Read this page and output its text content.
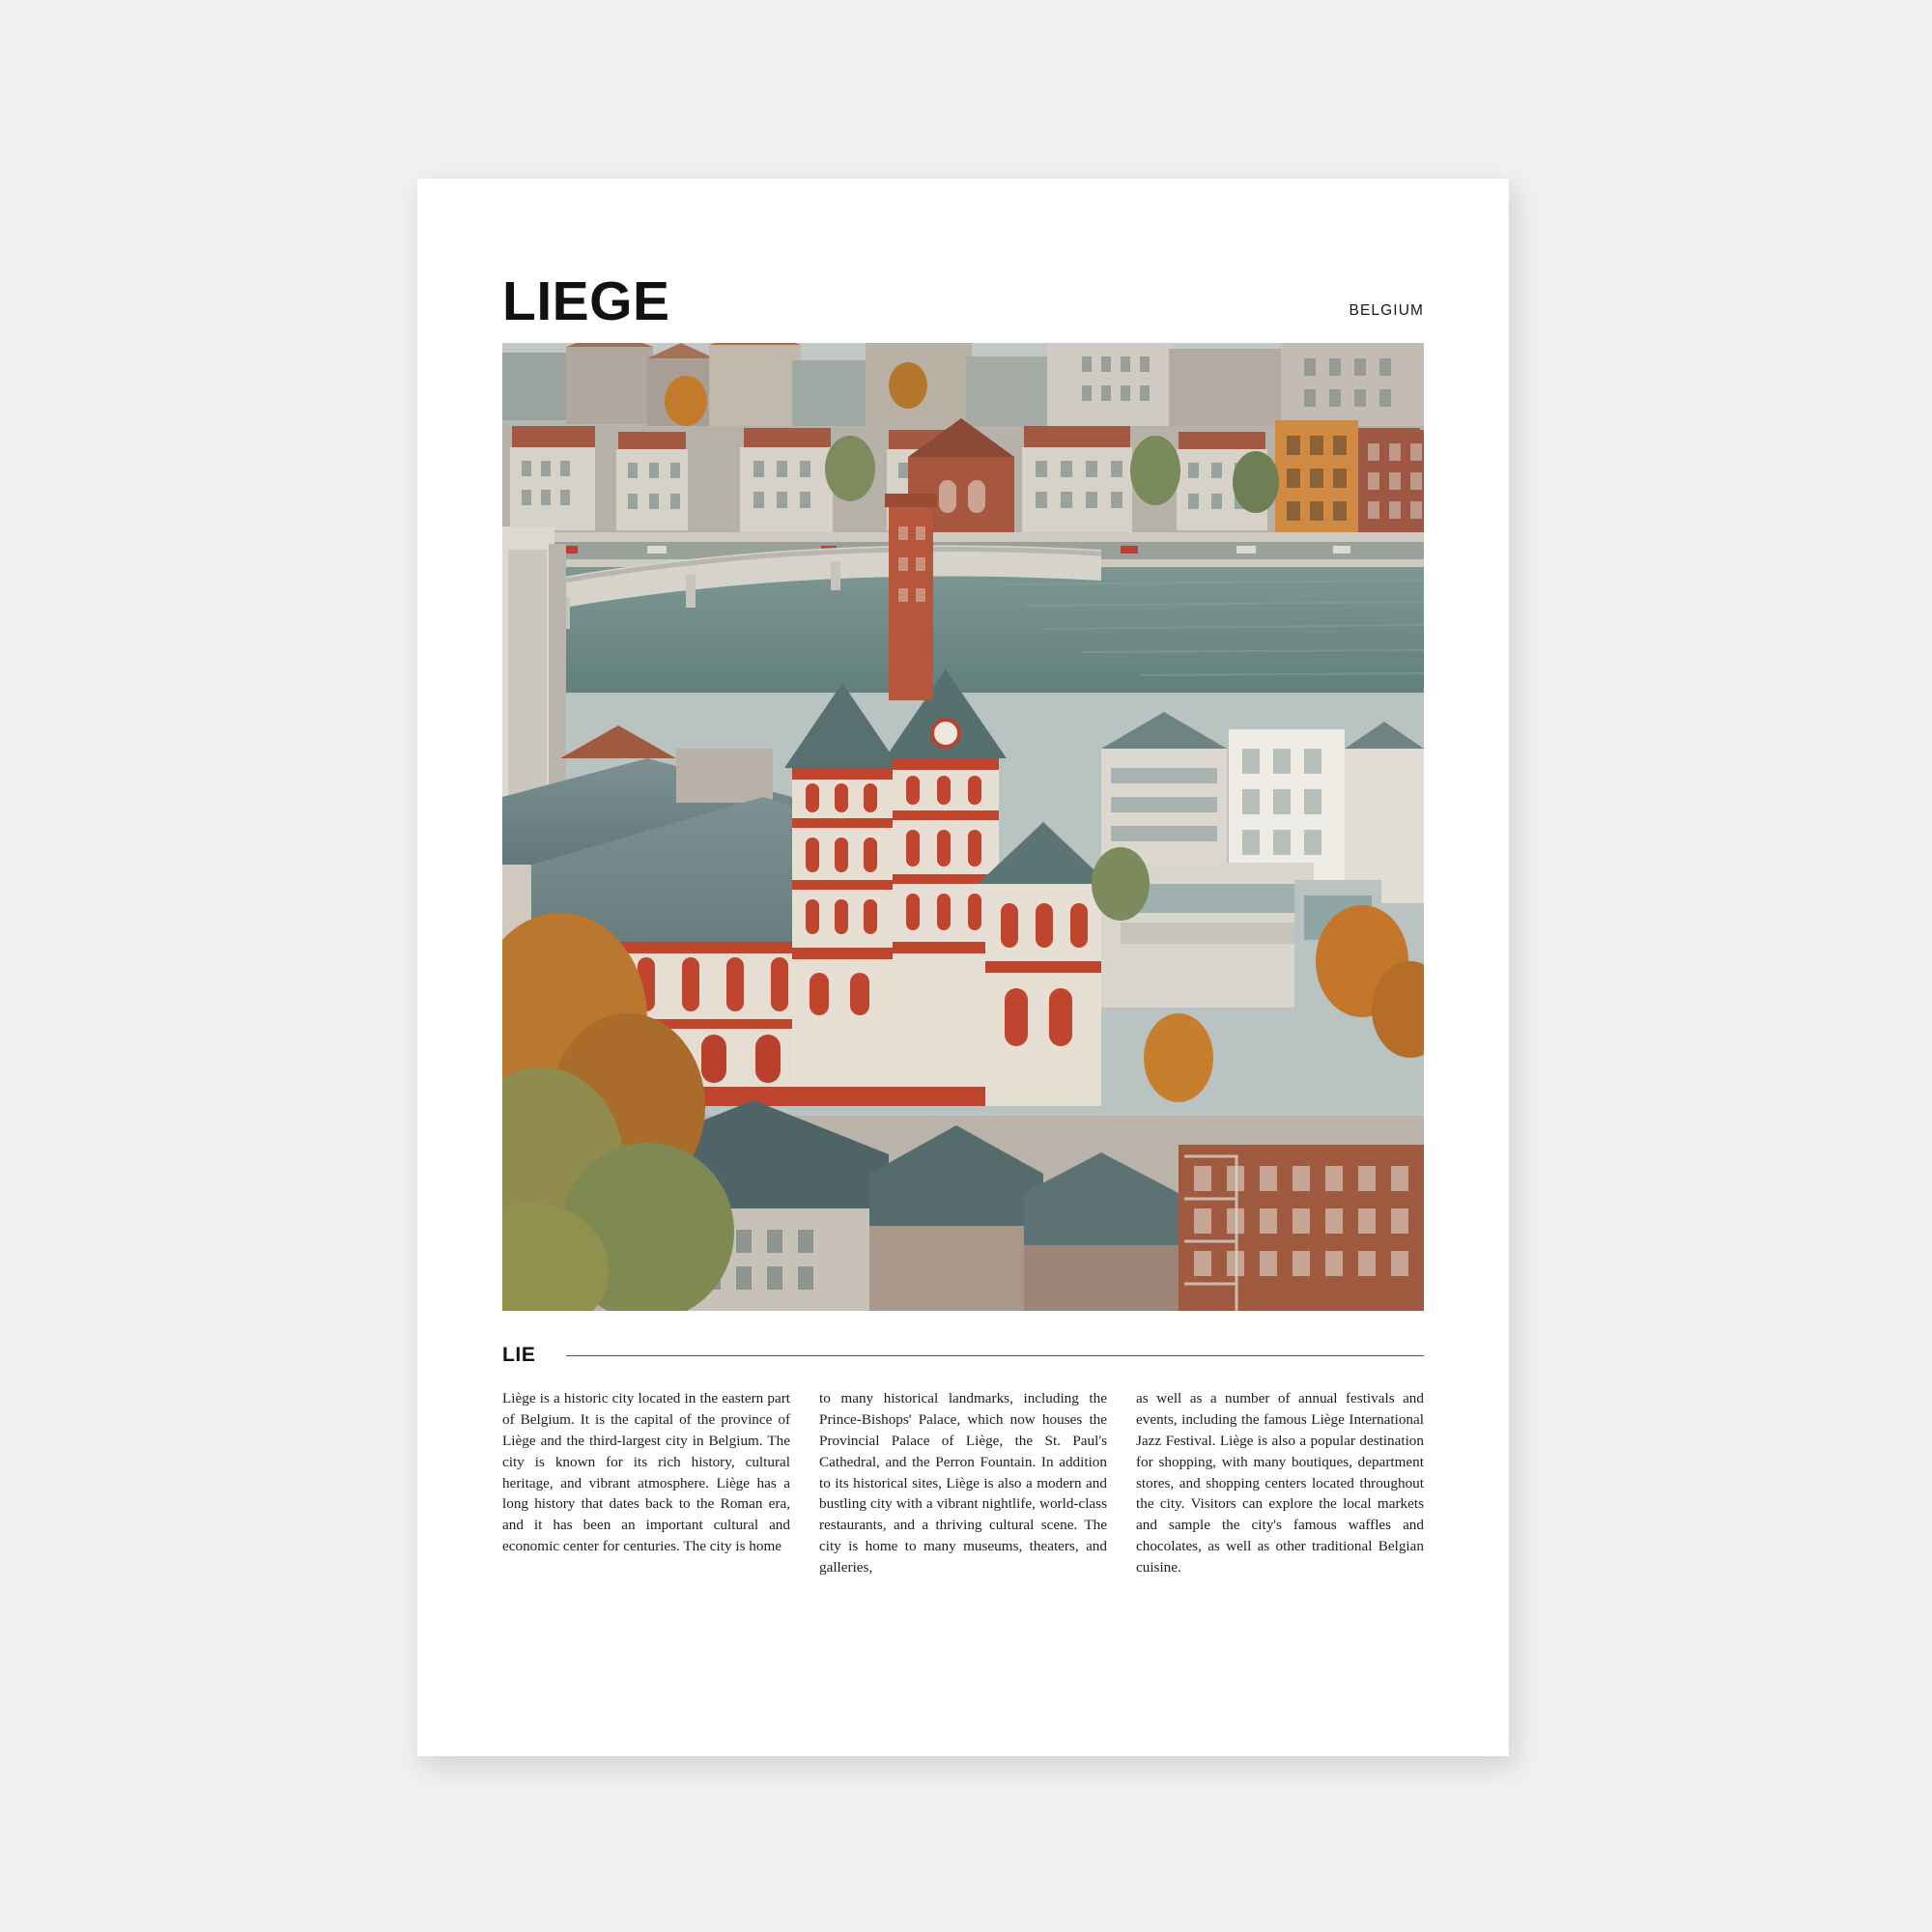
LIEGE	BELGIUM
LIE

Liège is a historic city located in the eastern part of Belgium. It is the capital of the province of Liège and the third-largest city in Belgium. The city is known for its rich history, cultural heritage, and vibrant atmosphere. Liège has a long history that dates back to the Roman era, and it has been an important cultural and economic center for centuries. The city is home

to many historical landmarks, including the Prince-Bishops' Palace, which now houses the Provincial Palace of Liège, the St. Paul's Cathedral, and the Perron Fountain. In addition to its historical sites, Liège is also a modern and bustling city with a vibrant nightlife, world-class restaurants, and a thriving cultural scene. The city is home to many museums, theaters, and galleries,

as well as a number of annual festivals and events, including the famous Liège International Jazz Festival. Liège is also a popular destination for shopping, with many boutiques, department stores, and shopping centers located throughout the city. Visitors can explore the local markets and sample the city's famous waffles and chocolates, as well as other traditional Belgian cuisine.
